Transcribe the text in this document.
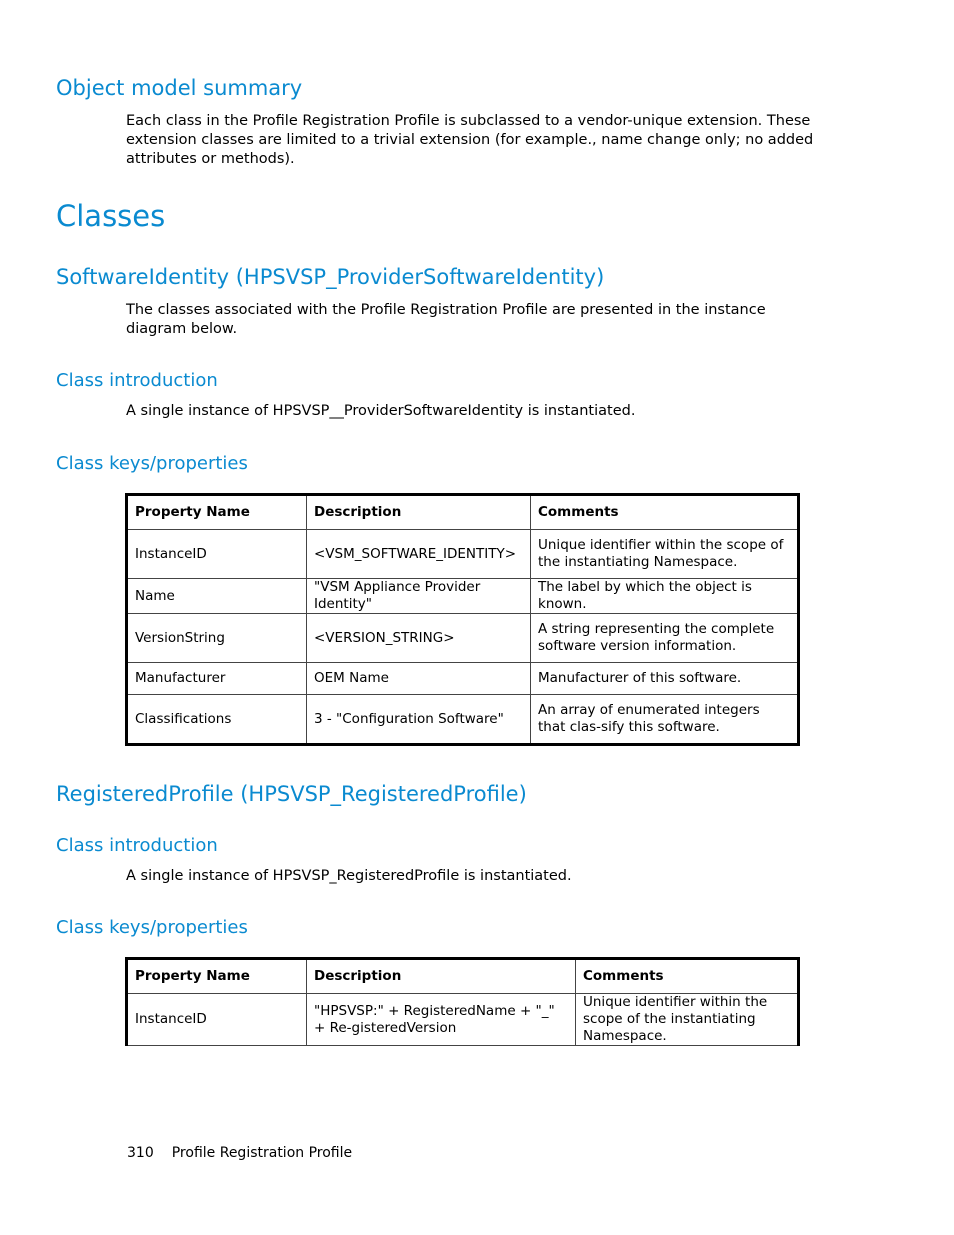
Object model summary

Each class in the Profile Registration Profile is subclassed to a vendor-unique extension. These extension classes are limited to a trivial extension (for example., name change only; no added attributes or methods).

Classes
SoftwareIdentity (HPSVSP_ProviderSoftwareIdentity)

The classes associated with the Profile Registration Profile are presented in the instance diagram below.

Class introduction

A single instance of HPSVSP__ProviderSoftwareIdentity is instantiated.

Class keys/properties
Property Name	Description	Comments
InstanceID	<VSM_SOFTWARE_IDENTITY>	Unique identifier within the scope of the instantiating Namespace.
Name	"VSM Appliance Provider Identity"	The label by which the object is known.
VersionString	<VERSION_STRING>	A string representing the complete software version information.
Manufacturer	OEM Name	Manufacturer of this software.
Classifications	3 - "Configuration Software"	An array of enumerated integers that clas-sify this software.
RegisteredProfile (HPSVSP_RegisteredProfile)
Class introduction

A single instance of HPSVSP_RegisteredProfile is instantiated.

Class keys/properties
Property Name	Description	Comments
InstanceID	"HPSVSP:" + RegisteredName + "_" + Re-gisteredVersion	Unique identifier within the scope of the instantiating Namespace.
310 Profile Registration Profile
